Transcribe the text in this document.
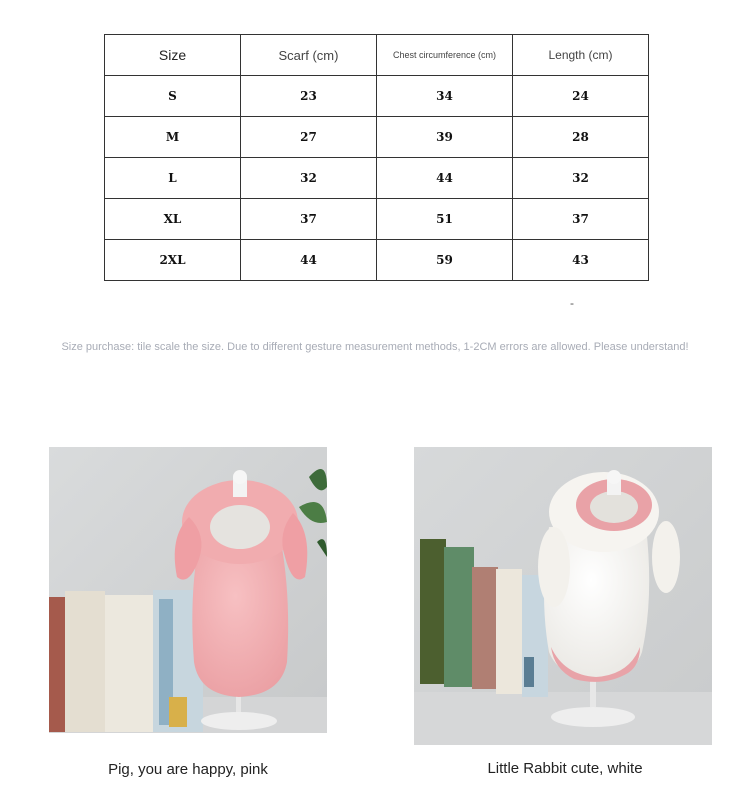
Size	Scarf (cm)	Chest circumference (cm)	Length (cm)
S	23	34	24
M	27	39	28
L	32	44	32
XL	37	51	37
2XL	44	59	43
-
Size purchase: tile scale the size. Due to different gesture measurement methods, 1-2CM errors are allowed. Please understand!
Pig, you are happy, pink	Little Rabbit cute, white
